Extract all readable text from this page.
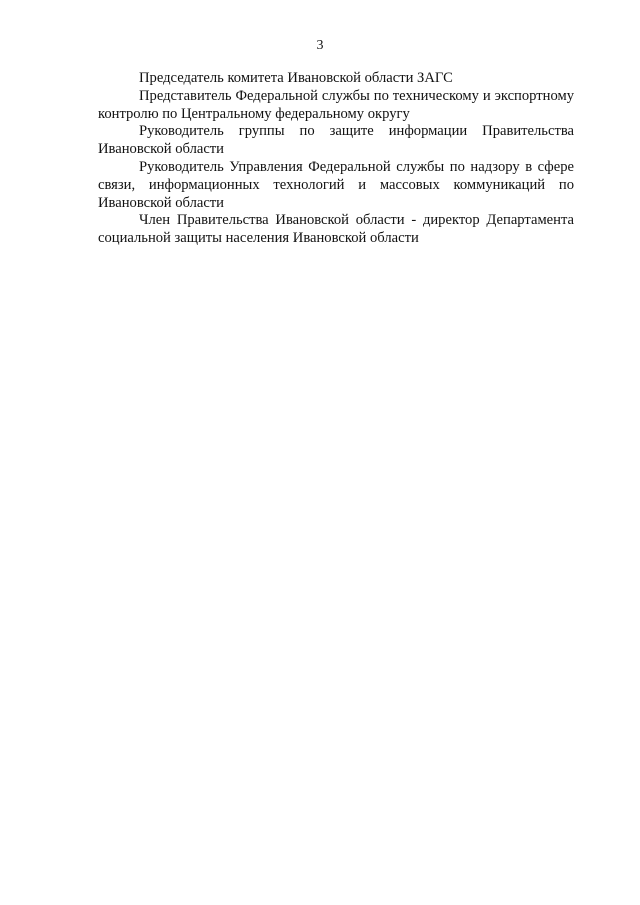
3

Председатель комитета Ивановской области ЗАГС

Представитель Федеральной службы по техническому и экспортному контролю по Центральному федеральному округу

Руководитель группы по защите информации Правительства Ивановской области

Руководитель Управления Федеральной службы по надзору в сфере связи, информационных технологий и массовых коммуникаций по Ивановской области

Член Правительства Ивановской области - директор Департамента социальной защиты населения Ивановской области
